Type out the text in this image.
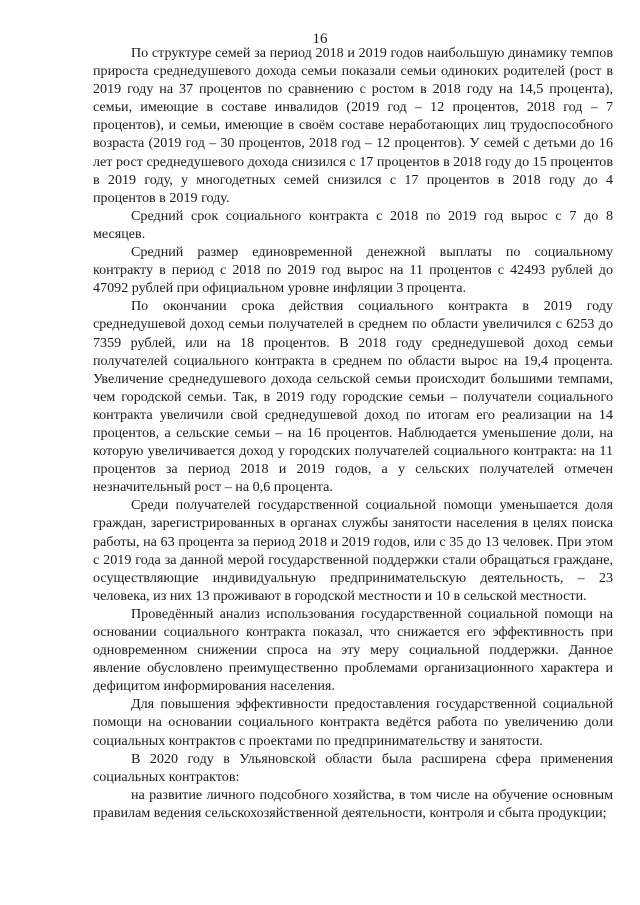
16

По структуре семей за период 2018 и 2019 годов наибольшую динамику темпов прироста среднедушевого дохода семьи показали семьи одиноких родителей (рост в 2019 году на 37 процентов по сравнению с ростом в 2018 году на 14,5 процента), семьи, имеющие в составе инвалидов (2019 год – 12 процентов, 2018 год – 7 процентов), и семьи, имеющие в своём составе неработающих лиц трудоспособного возраста (2019 год – 30 процентов, 2018 год – 12 процентов). У семей с детьми до 16 лет рост среднедушевого дохода снизился с 17 процентов в 2018 году до 15 процентов в 2019 году, у многодетных семей снизился с 17 процентов в 2018 году до 4 процентов в 2019 году.

Средний срок социального контракта с 2018 по 2019 год вырос с 7 до 8 месяцев.

Средний размер единовременной денежной выплаты по социальному контракту в период с 2018 по 2019 год вырос на 11 процентов с 42493 рублей до 47092 рублей при официальном уровне инфляции 3 процента.

По окончании срока действия социального контракта в 2019 году среднедушевой доход семьи получателей в среднем по области увеличился с 6253 до 7359 рублей, или на 18 процентов. В 2018 году среднедушевой доход семьи получателей социального контракта в среднем по области вырос на 19,4 процента. Увеличение среднедушевого дохода сельской семьи происходит большими темпами, чем городской семьи. Так, в 2019 году городские семьи – получатели социального контракта увеличили свой среднедушевой доход по итогам его реализации на 14 процентов, а сельские семьи – на 16 процентов. Наблюдается уменьшение доли, на которую увеличивается доход у городских получателей социального контракта: на 11 процентов за период 2018 и 2019 годов, а у сельских получателей отмечен незначительный рост – на 0,6 процента.

Среди получателей государственной социальной помощи уменьшается доля граждан, зарегистрированных в органах службы занятости населения в целях поиска работы, на 63 процента за период 2018 и 2019 годов, или с 35 до 13 человек. При этом с 2019 года за данной мерой государственной поддержки стали обращаться граждане, осуществляющие индивидуальную предпринимательскую деятельность, – 23 человека, из них 13 проживают в городской местности и 10 в сельской местности.

Проведённый анализ использования государственной социальной помощи на основании социального контракта показал, что снижается его эффективность при одновременном снижении спроса на эту меру социальной поддержки. Данное явление обусловлено преимущественно проблемами организационного характера и дефицитом информирования населения.

Для повышения эффективности предоставления государственной социальной помощи на основании социального контракта ведётся работа по увеличению доли социальных контрактов с проектами по предпринимательству и занятости.

В 2020 году в Ульяновской области была расширена сфера применения социальных контрактов:

на развитие личного подсобного хозяйства, в том числе на обучение основным правилам ведения сельскохозяйственной деятельности, контроля и сбыта продукции;
